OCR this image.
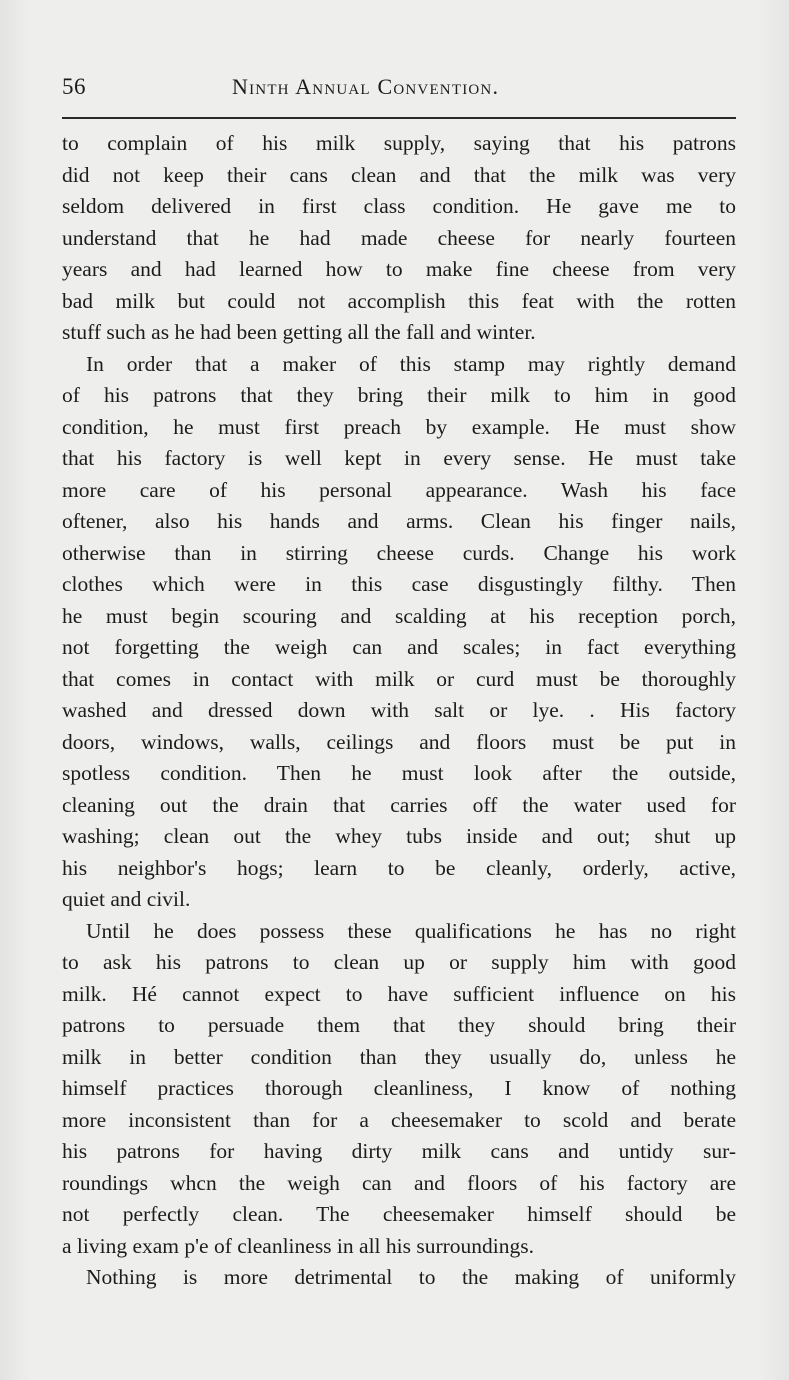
56	Ninth Annual Convention.
to complain of his milk supply, saying that his patrons
did not keep their cans clean and that the milk was very
seldom delivered in first class condition. He gave me to
understand that he had made cheese for nearly fourteen
years and had learned how to make fine cheese from very
bad milk but could not accomplish this feat with the rotten
stuff such as he had been getting all the fall and winter.
In order that a maker of this stamp may rightly demand
of his patrons that they bring their milk to him in good
condition, he must first preach by example. He must show
that his factory is well kept in every sense. He must take
more care of his personal appearance. Wash his face
oftener, also his hands and arms. Clean his finger nails,
otherwise than in stirring cheese curds. Change his work
clothes which were in this case disgustingly filthy. Then
he must begin scouring and scalding at his reception porch,
not forgetting the weigh can and scales; in fact everything
that comes in contact with milk or curd must be thoroughly
washed and dressed down with salt or lye. . His factory
doors, windows, walls, ceilings and floors must be put in
spotless condition. Then he must look after the outside,
cleaning out the drain that carries off the water used for
washing; clean out the whey tubs inside and out; shut up
his neighbor's hogs; learn to be cleanly, orderly, active,
quiet and civil.
Until he does possess these qualifications he has no right
to ask his patrons to clean up or supply him with good
milk. Hé cannot expect to have sufficient influence on his
patrons to persuade them that they should bring their
milk in better condition than they usually do, unless he
himself practices thorough cleanliness, I know of nothing
more inconsistent than for a cheesemaker to scold and berate
his patrons for having dirty milk cans and untidy sur-
roundings whcn the weigh can and floors of his factory are
not perfectly clean. The cheesemaker himself should be
a living exam p'e of cleanliness in all his surroundings.
Nothing is more detrimental to the making of uniformly
